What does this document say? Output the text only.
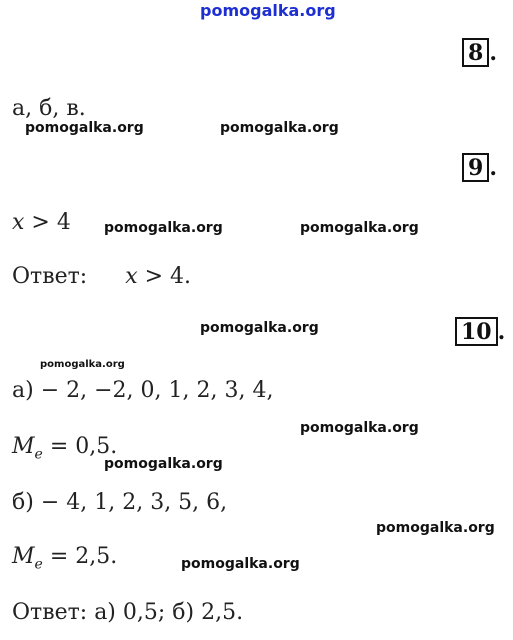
pomogalka.org
8 .
а, б, в.
pomogalka.org	pomogalka.org
9 .
x > 4 pomogalka.org	pomogalka.org
Ответ: x > 4.
pomogalka.org	10 .
pomogalka.org
а) − 2, −2, 0, 1, 2, 3, 4,
pomogalka.org
$M_e = 0,5$.
pomogalka.org
б) − 4, 1, 2, 3, 5, 6,
pomogalka.org
$M_e = 2,5$.	pomogalka.org
Ответ: а) 0,5; б) 2,5.
